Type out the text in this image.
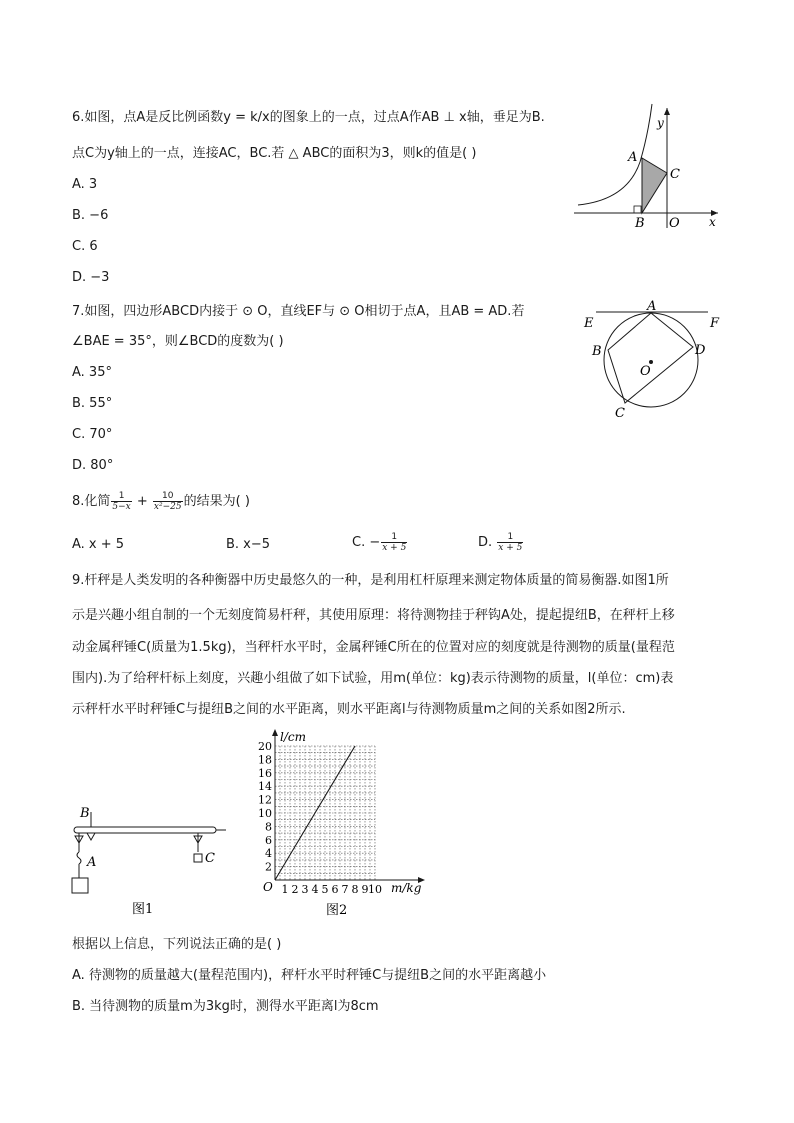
6.如图，点A是反比例函数y = k/x的图象上的一点，过点A作AB ⊥ x轴，垂足为B.
点C为y轴上的一点，连接AC，BC.若 △ ABC的面积为3，则k的值是( )
A. 3
B. −6
C. 6
D. −3
y
x
A
B
C
O
7.如图，四边形ABCD内接于 ⊙ O，直线EF与 ⊙ O相切于点A，且AB = AD.若
∠BAE = 35°，则∠BCD的度数为( )
A. 35°
B. 55°
C. 70°
D. 80°
E
A
F
B	D
O
C
8.化简 $\frac{1}{5-x} + \frac{10}{\text{x²−25}}$ 的结果为( )
A. x + 5	B. x−5	C. − $\frac{1}{x + 5}$	D. $\frac{1}{x + 5}$
9.杆秤是人类发明的各种衡器中历史最悠久的一种，是利用杠杆原理来测定物体质量的简易衡器.如图1所
示是兴趣小组自制的一个无刻度简易杆秤，其使用原理：将待测物挂于秤钩A处，提起提纽B，在秤杆上移
动金属秤锤C(质量为1.5kg)，当秤杆水平时，金属秤锤C所在的位置对应的刻度就是待测物的质量(量程范
围内).为了给秤杆标上刻度，兴趣小组做了如下试验，用m(单位：kg)表示待测物的质量，l(单位：cm)表
示秤杆水平时秤锤C与提纽B之间的水平距离，则水平距离l与待测物质量m之间的关系如图2所示.
B
A	C
图1
1 2 3 4 5 6 7 8 9 10
2
4
6
8
10
12
14
16
18
20
l/cm
m/kg
O
图2
根据以上信息，下列说法正确的是( )
A. 待测物的质量越大(量程范围内)，秤杆水平时秤锤C与提纽B之间的水平距离越小
B. 当待测物的质量m为3kg时，测得水平距离l为8cm
